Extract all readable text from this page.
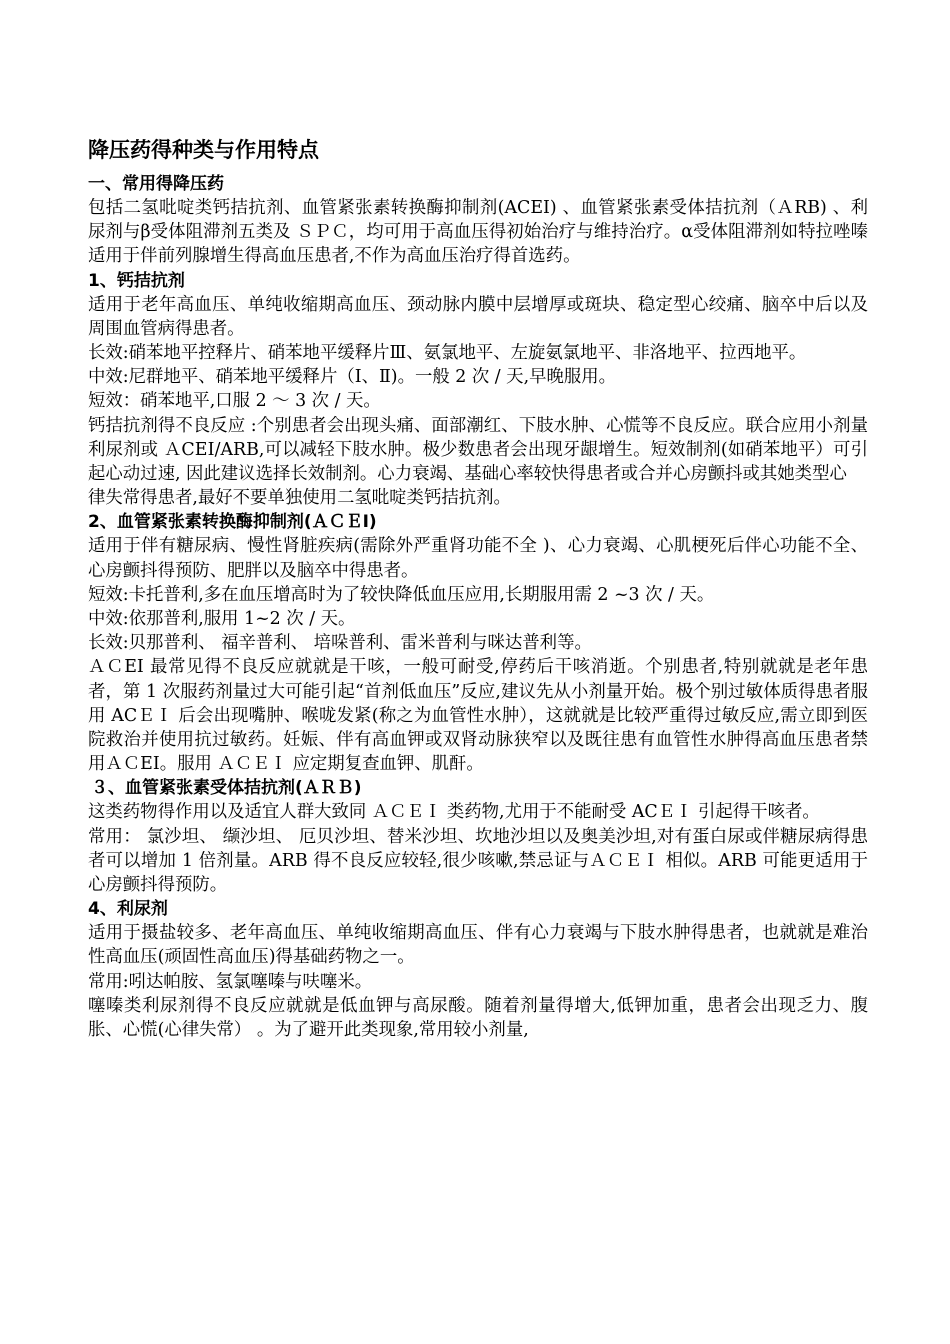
降压药得种类与作用特点
一、常用得降压药
包括二氢吡啶类钙拮抗剂、血管紧张素转换酶抑制剂(ACEI) 、血管紧张素受体拮抗剂（ＡRB) 、利尿剂与β受体阻滞剂五类及 ＳＰＣ，均可用于高血压得初始治疗与维持治疗。α受体阻滞剂如特拉唑嗪适用于伴前列腺增生得高血压患者,不作为高血压治疗得首选药。
1、钙拮抗剂
适用于老年高血压、单纯收缩期高血压、颈动脉内膜中层增厚或斑块、稳定型心绞痛、脑卒中后以及周围血管病得患者。
长效:硝苯地平控释片、硝苯地平缓释片Ⅲ、氨氯地平、左旋氨氯地平、非洛地平、拉西地平。
中效:尼群地平、硝苯地平缓释片（Ⅰ、Ⅱ)。一般 2 次 / 天,早晚服用。
短效：硝苯地平,口服 2 ～ 3 次 / 天。
钙拮抗剂得不良反应 :个别患者会出现头痛、面部潮红、下肢水肿、心慌等不良反应。联合应用小剂量利尿剂或 ＡCEⅠ/ARB,可以减轻下肢水肿。极少数患者会出现牙龈增生。短效制剂(如硝苯地平）可引起心动过速, 因此建议选择长效制剂。心力衰竭、基础心率较快得患者或合并心房颤抖或其她类型心
律失常得患者,最好不要单独使用二氢吡啶类钙拮抗剂。
2、血管紧张素转换酶抑制剂(ＡＣＥI)
适用于伴有糖尿病、慢性肾脏疾病(需除外严重肾功能不全 )、心力衰竭、心肌梗死后伴心功能不全、心房颤抖得预防、肥胖以及脑卒中得患者。
短效:卡托普利,多在血压增高时为了较快降低血压应用,长期服用需 2 ~3 次 / 天。
中效:依那普利,服用 1~2 次 / 天。
长效:贝那普利、 福辛普利、 培哚普利、雷米普利与咪达普利等。
ＡＣEI 最常见得不良反应就就是干咳，一般可耐受,停药后干咳消逝。个别患者,特别就就是老年患者，第 1 次服药剂量过大可能引起“首剂低血压”反应,建议先从小剂量开始。极个别过敏体质得患者服用 ACＥＩ 后会出现嘴肿、喉咙发紧(称之为血管性水肿），这就就是比较严重得过敏反应,需立即到医院救治并使用抗过敏药。妊娠、伴有高血钾或双肾动脉狭窄以及既往患有血管性水肿得高血压患者禁用ＡＣEI。服用 ＡＣＥＩ 应定期复查血钾、肌酐。
３、血管紧张素受体拮抗剂(ＡＲＢ)
这类药物得作用以及适宜人群大致同 ＡＣＥＩ 类药物,尤用于不能耐受 ACＥＩ 引起得干咳者。
常用： 氯沙坦、 缬沙坦、 厄贝沙坦、替米沙坦、坎地沙坦以及奥美沙坦,对有蛋白尿或伴糖尿病得患者可以增加 1 倍剂量。ARB 得不良反应较轻,很少咳嗽,禁忌证与ＡＣＥＩ 相似。ARB 可能更适用于心房颤抖得预防。
4、利尿剂
适用于摄盐较多、老年高血压、单纯收缩期高血压、伴有心力衰竭与下肢水肿得患者，也就就是难治性高血压(顽固性高血压)得基础药物之一。
常用:吲达帕胺、氢氯噻嗪与呋噻米。
噻嗪类利尿剂得不良反应就就是低血钾与高尿酸。随着剂量得增大,低钾加重，患者会出现乏力、腹胀、心慌(心律失常） 。为了避开此类现象,常用较小剂量,
